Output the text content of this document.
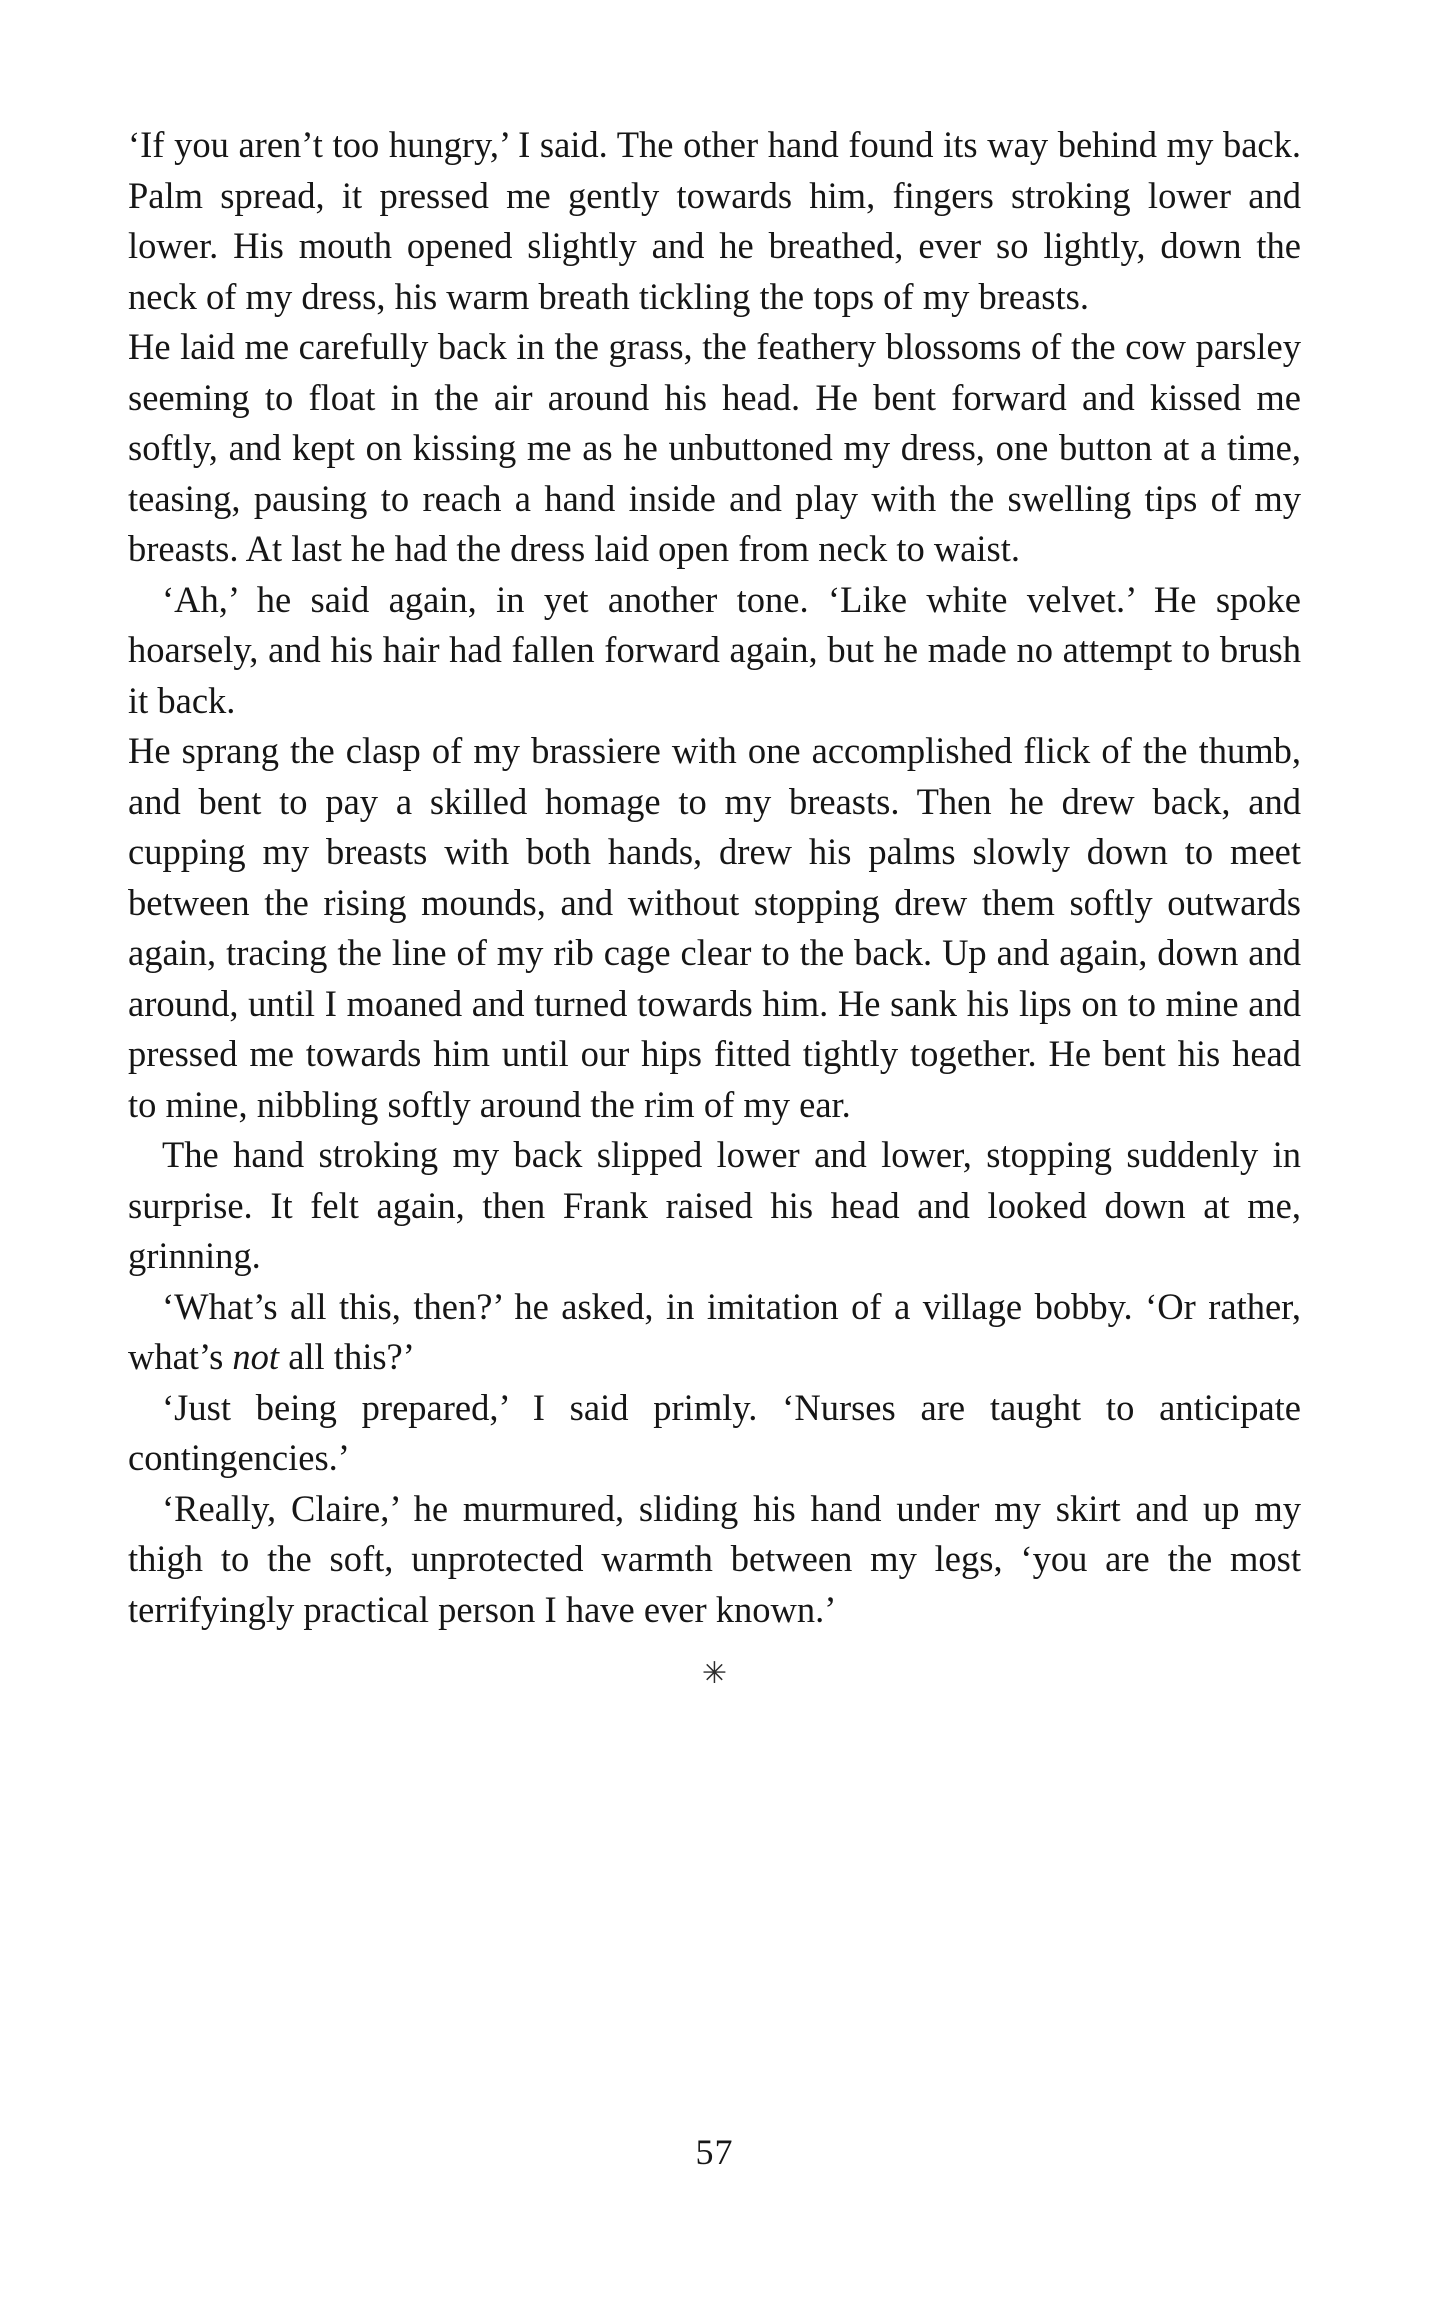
‘If you aren’t too hungry,’ I said. The other hand found its way behind my back. Palm spread, it pressed me gently towards him, fingers stroking lower and lower. His mouth opened slightly and he breathed, ever so lightly, down the neck of my dress, his warm breath tickling the tops of my breasts.

He laid me carefully back in the grass, the feathery blossoms of the cow parsley seeming to float in the air around his head. He bent forward and kissed me softly, and kept on kissing me as he unbuttoned my dress, one button at a time, teasing, pausing to reach a hand inside and play with the swelling tips of my breasts. At last he had the dress laid open from neck to waist.

‘Ah,’ he said again, in yet another tone. ‘Like white velvet.’ He spoke hoarsely, and his hair had fallen forward again, but he made no attempt to brush it back.

He sprang the clasp of my brassiere with one accomplished flick of the thumb, and bent to pay a skilled homage to my breasts. Then he drew back, and cupping my breasts with both hands, drew his palms slowly down to meet between the rising mounds, and without stopping drew them softly outwards again, tracing the line of my rib cage clear to the back. Up and again, down and around, until I moaned and turned towards him. He sank his lips on to mine and pressed me towards him until our hips fitted tightly together. He bent his head to mine, nibbling softly around the rim of my ear.

The hand stroking my back slipped lower and lower, stopping suddenly in surprise. It felt again, then Frank raised his head and looked down at me, grinning.

‘What’s all this, then?’ he asked, in imitation of a village bobby. ‘Or rather, what’s not all this?’

‘Just being prepared,’ I said primly. ‘Nurses are taught to anticipate contingencies.’

‘Really, Claire,’ he murmured, sliding his hand under my skirt and up my thigh to the soft, unprotected warmth between my legs, ‘you are the most terrifyingly practical person I have ever known.’

✳
57
